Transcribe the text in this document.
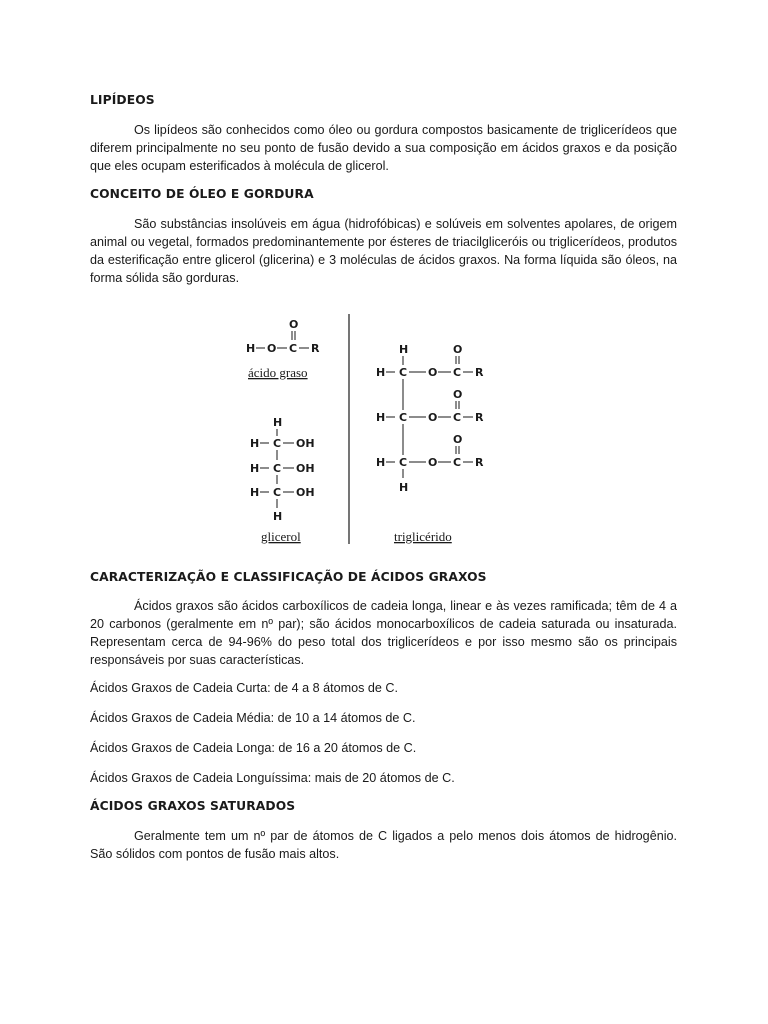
LIPÍDEOS

Os lipídeos são conhecidos como óleo ou gordura compostos basicamente de triglicerídeos que diferem principalmente no seu ponto de fusão devido a sua composição em ácidos graxos e da posição que eles ocupam esterificados à molécula de glicerol.

CONCEITO DE ÓLEO E GORDURA

São substâncias insolúveis em água (hidrofóbicas) e solúveis em solventes apolares, de origem animal ou vegetal, formados predominantemente por ésteres de triacilgliceróis ou triglicerídeos, produtos da esterificação entre glicerol (glicerina) e 3 moléculas de ácidos graxos. Na forma líquida são óleos, na forma sólida são gorduras.

CARACTERIZAÇÃO E CLASSIFICAÇÃO DE ÁCIDOS GRAXOS

Ácidos graxos são ácidos carboxílicos de cadeia longa, linear e às vezes ramificada; têm de 4 a 20 carbonos (geralmente em nº par); são ácidos monocarboxílicos de cadeia saturada ou insaturada. Representam cerca de 94-96% do peso total dos triglicerídeos e por isso mesmo são os principais responsáveis por suas características.

Ácidos Graxos de Cadeia Curta: de 4 a 8 átomos de C.

Ácidos Graxos de Cadeia Média: de 10 a 14 átomos de C.

Ácidos Graxos de Cadeia Longa: de 16 a 20 átomos de C.

Ácidos Graxos de Cadeia Longuíssima: mais de 20 átomos de C.

ÁCIDOS GRAXOS SATURADOS

Geralmente tem um nº par de átomos de C ligados a pelo menos dois átomos de hidrogênio. São sólidos com pontos de fusão mais altos.

O
H O C R
ácido graso
H
H C OH
H C OH
H C OH
H
glicerol
H	O
H C O C R
O
H C O C R
O
H C O C R
H
triglicérido
